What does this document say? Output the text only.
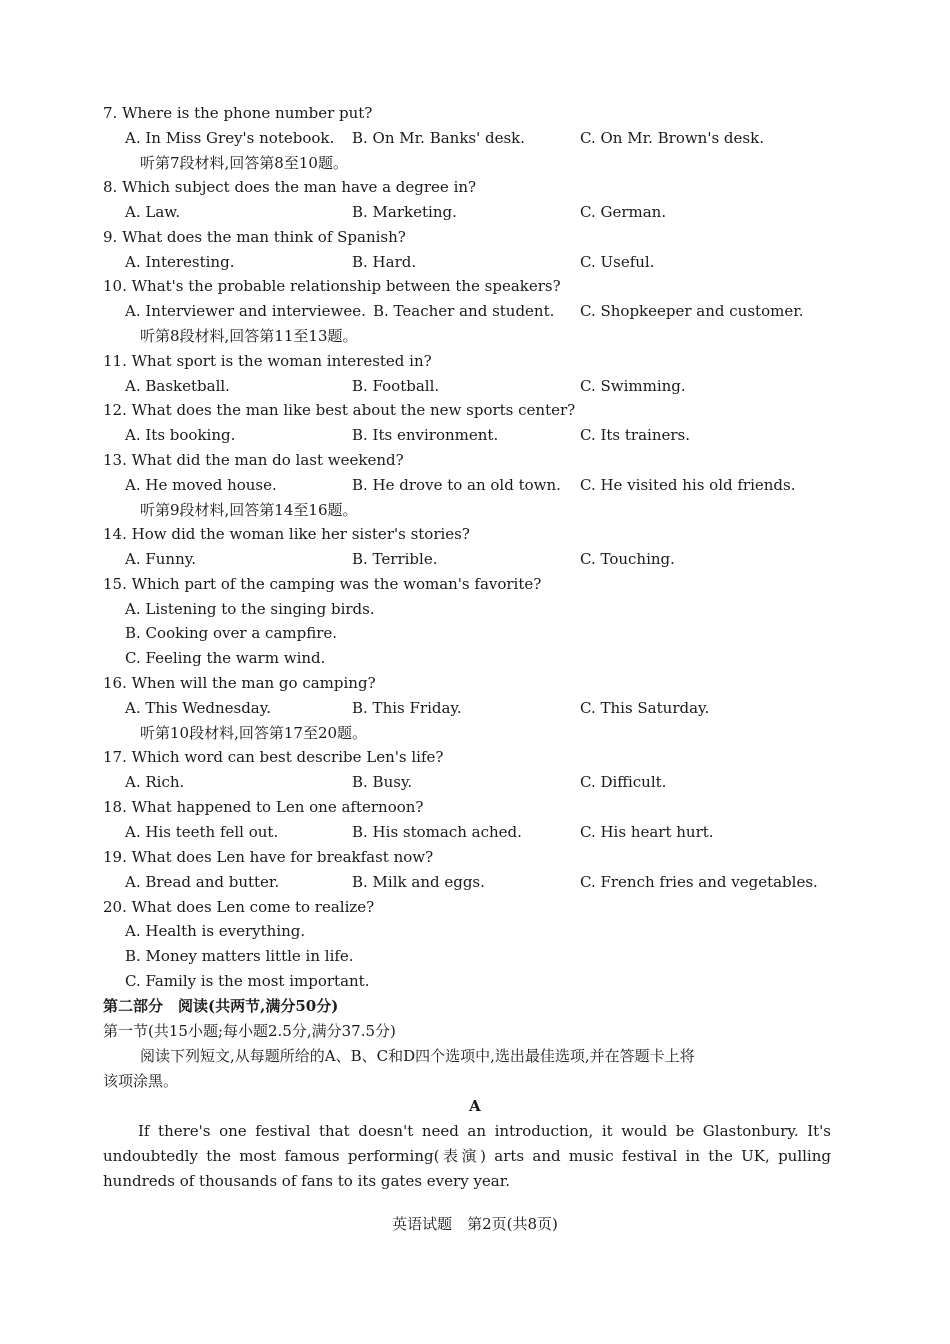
7. Where is the phone number put?
A. In Miss Grey's notebook. B. On Mr. Banks' desk.	C. On Mr. Brown's desk.
听第7段材料,回答第8至10题。
8. Which subject does the man have a degree in?
A. Law.	B. Marketing.	C. German.
9. What does the man think of Spanish?
A. Interesting.	B. Hard.	C. Useful.
10. What's the probable relationship between the speakers?
A. Interviewer and interviewee. B. Teacher and student. C. Shopkeeper and customer.
听第8段材料,回答第11至13题。
11. What sport is the woman interested in?
A. Basketball.	B. Football.	C. Swimming.
12. What does the man like best about the new sports center?
A. Its booking.	B. Its environment.	C. Its trainers.
13. What did the man do last weekend?
A. He moved house.	B. He drove to an old town. C. He visited his old friends.
听第9段材料,回答第14至16题。
14. How did the woman like her sister's stories?
A. Funny.	B. Terrible.	C. Touching.
15. Which part of the camping was the woman's favorite?
A. Listening to the singing birds.
B. Cooking over a campfire.
C. Feeling the warm wind.
16. When will the man go camping?
A. This Wednesday.	B. This Friday.	C. This Saturday.
听第10段材料,回答第17至20题。
17. Which word can best describe Len's life?
A. Rich.	B. Busy.	C. Difficult.
18. What happened to Len one afternoon?
A. His teeth fell out.	B. His stomach ached.	C. His heart hurt.
19. What does Len have for breakfast now?
A. Bread and butter.	B. Milk and eggs.	C. French fries and vegetables.
20. What does Len come to realize?
A. Health is everything.
B. Money matters little in life.
C. Family is the most important.
第二部分　阅读(共两节,满分50分)
第一节(共15小题;每小题2.5分,满分37.5分)
阅读下列短文,从每题所给的A、B、C和D四个选项中,选出最佳选项,并在答题卡上将
该项涂黑。
A
If there's one festival that doesn't need an introduction, it would be Glastonbury. It's
undoubtedly the most famous performing(表演) arts and music festival in the UK, pulling
hundreds of thousands of fans to its gates every year.
英语试题　第2页(共8页)
